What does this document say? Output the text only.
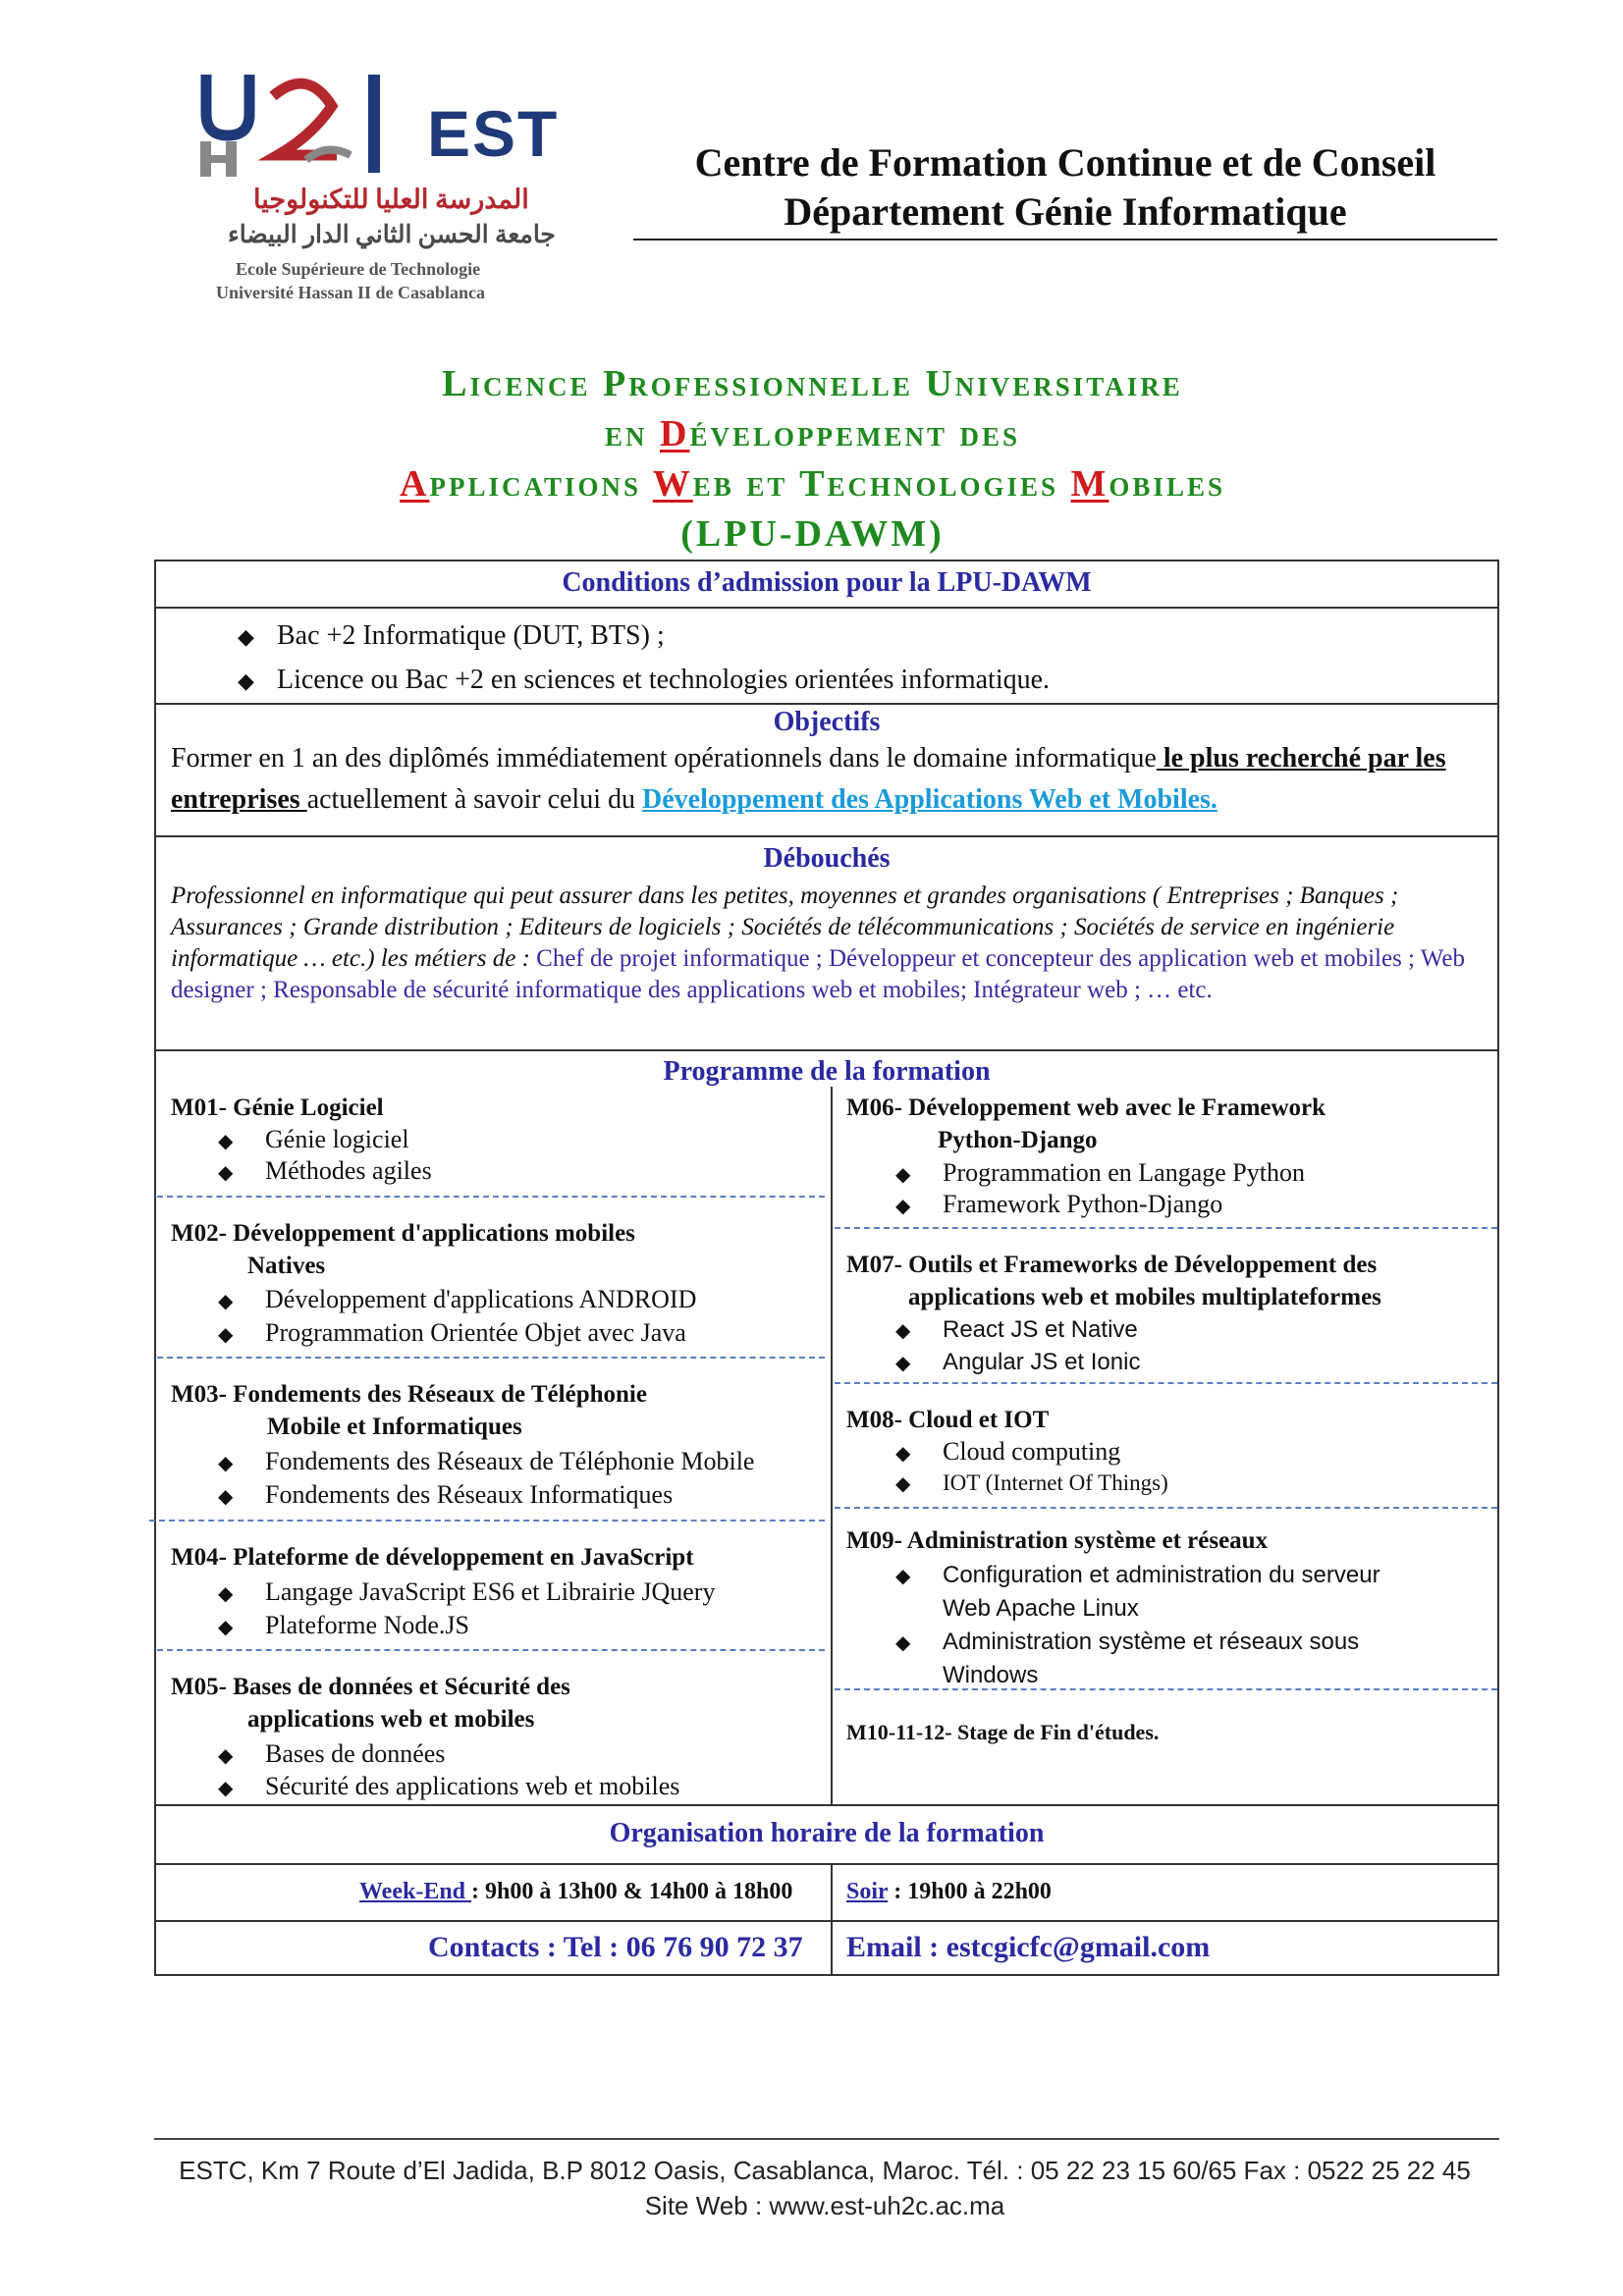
EST
المدرسة العليا للتكنولوجيا
جامعة الحسن الثاني الدار البيضاء
Ecole Supérieure de Technologie
Université Hassan II de Casablanca
Centre de Formation Continue et de Conseil
Département Génie Informatique
Licence Professionnelle Universitaire
en Développement des
Applications Web et Technologies Mobiles
(LPU-DAWM)
Conditions d’admission pour la LPU-DAWM
◆ Bac +2 Informatique (DUT, BTS) ;
◆ Licence ou Bac +2 en sciences et technologies orientées informatique.
Objectifs
Former en 1 an des diplômés immédiatement opérationnels dans le domaine informatique le plus recherché par les entreprises actuellement à savoir celui du Développement des Applications Web et Mobiles.
Débouchés
Professionnel en informatique qui peut assurer dans les petites, moyennes et grandes organisations ( Entreprises ; Banques ; Assurances ; Grande distribution ; Editeurs de logiciels ; Sociétés de télécommunications ; Sociétés de service en ingénierie informatique … etc.) les métiers de : Chef de projet informatique ; Développeur et concepteur des application web et mobiles ; Web designer ; Responsable de sécurité informatique des applications web et mobiles; Intégrateur web ; … etc.
Programme de la formation
M01- Génie Logiciel
◆ Génie logiciel
◆ Méthodes agiles
M02- Développement d'applications mobiles
Natives
◆ Développement d'applications ANDROID
◆ Programmation Orientée Objet avec Java
M03- Fondements des Réseaux de Téléphonie
Mobile et Informatiques
◆ Fondements des Réseaux de Téléphonie Mobile
◆ Fondements des Réseaux Informatiques
M04- Plateforme de développement en JavaScript
◆ Langage JavaScript ES6 et Librairie JQuery
◆ Plateforme Node.JS
M05- Bases de données et Sécurité des
applications web et mobiles
◆ Bases de données
◆ Sécurité des applications web et mobiles
M06- Développement web avec le Framework
Python-Django
◆ Programmation en Langage Python
◆ Framework Python-Django
M07- Outils et Frameworks de Développement des
applications web et mobiles multiplateformes
◆ React JS et Native
◆ Angular JS et Ionic
M08- Cloud et IOT
◆ Cloud computing
◆ IOT (Internet Of Things)
M09- Administration système et réseaux
◆ Configuration et administration du serveur
Web Apache Linux
◆ Administration système et réseaux sous
Windows
M10-11-12- Stage de Fin d'études.
Organisation horaire de la formation
Week-End : 9h00 à 13h00 & 14h00 à 18h00 Soir : 19h00 à 22h00
Contacts : Tel : 06 76 90 72 37 Email : estcgicfc@gmail.com
ESTC, Km 7 Route d’El Jadida, B.P 8012 Oasis, Casablanca, Maroc. Tél. : 05 22 23 15 60/65 Fax : 0522 25 22 45
Site Web : www.est-uh2c.ac.ma
